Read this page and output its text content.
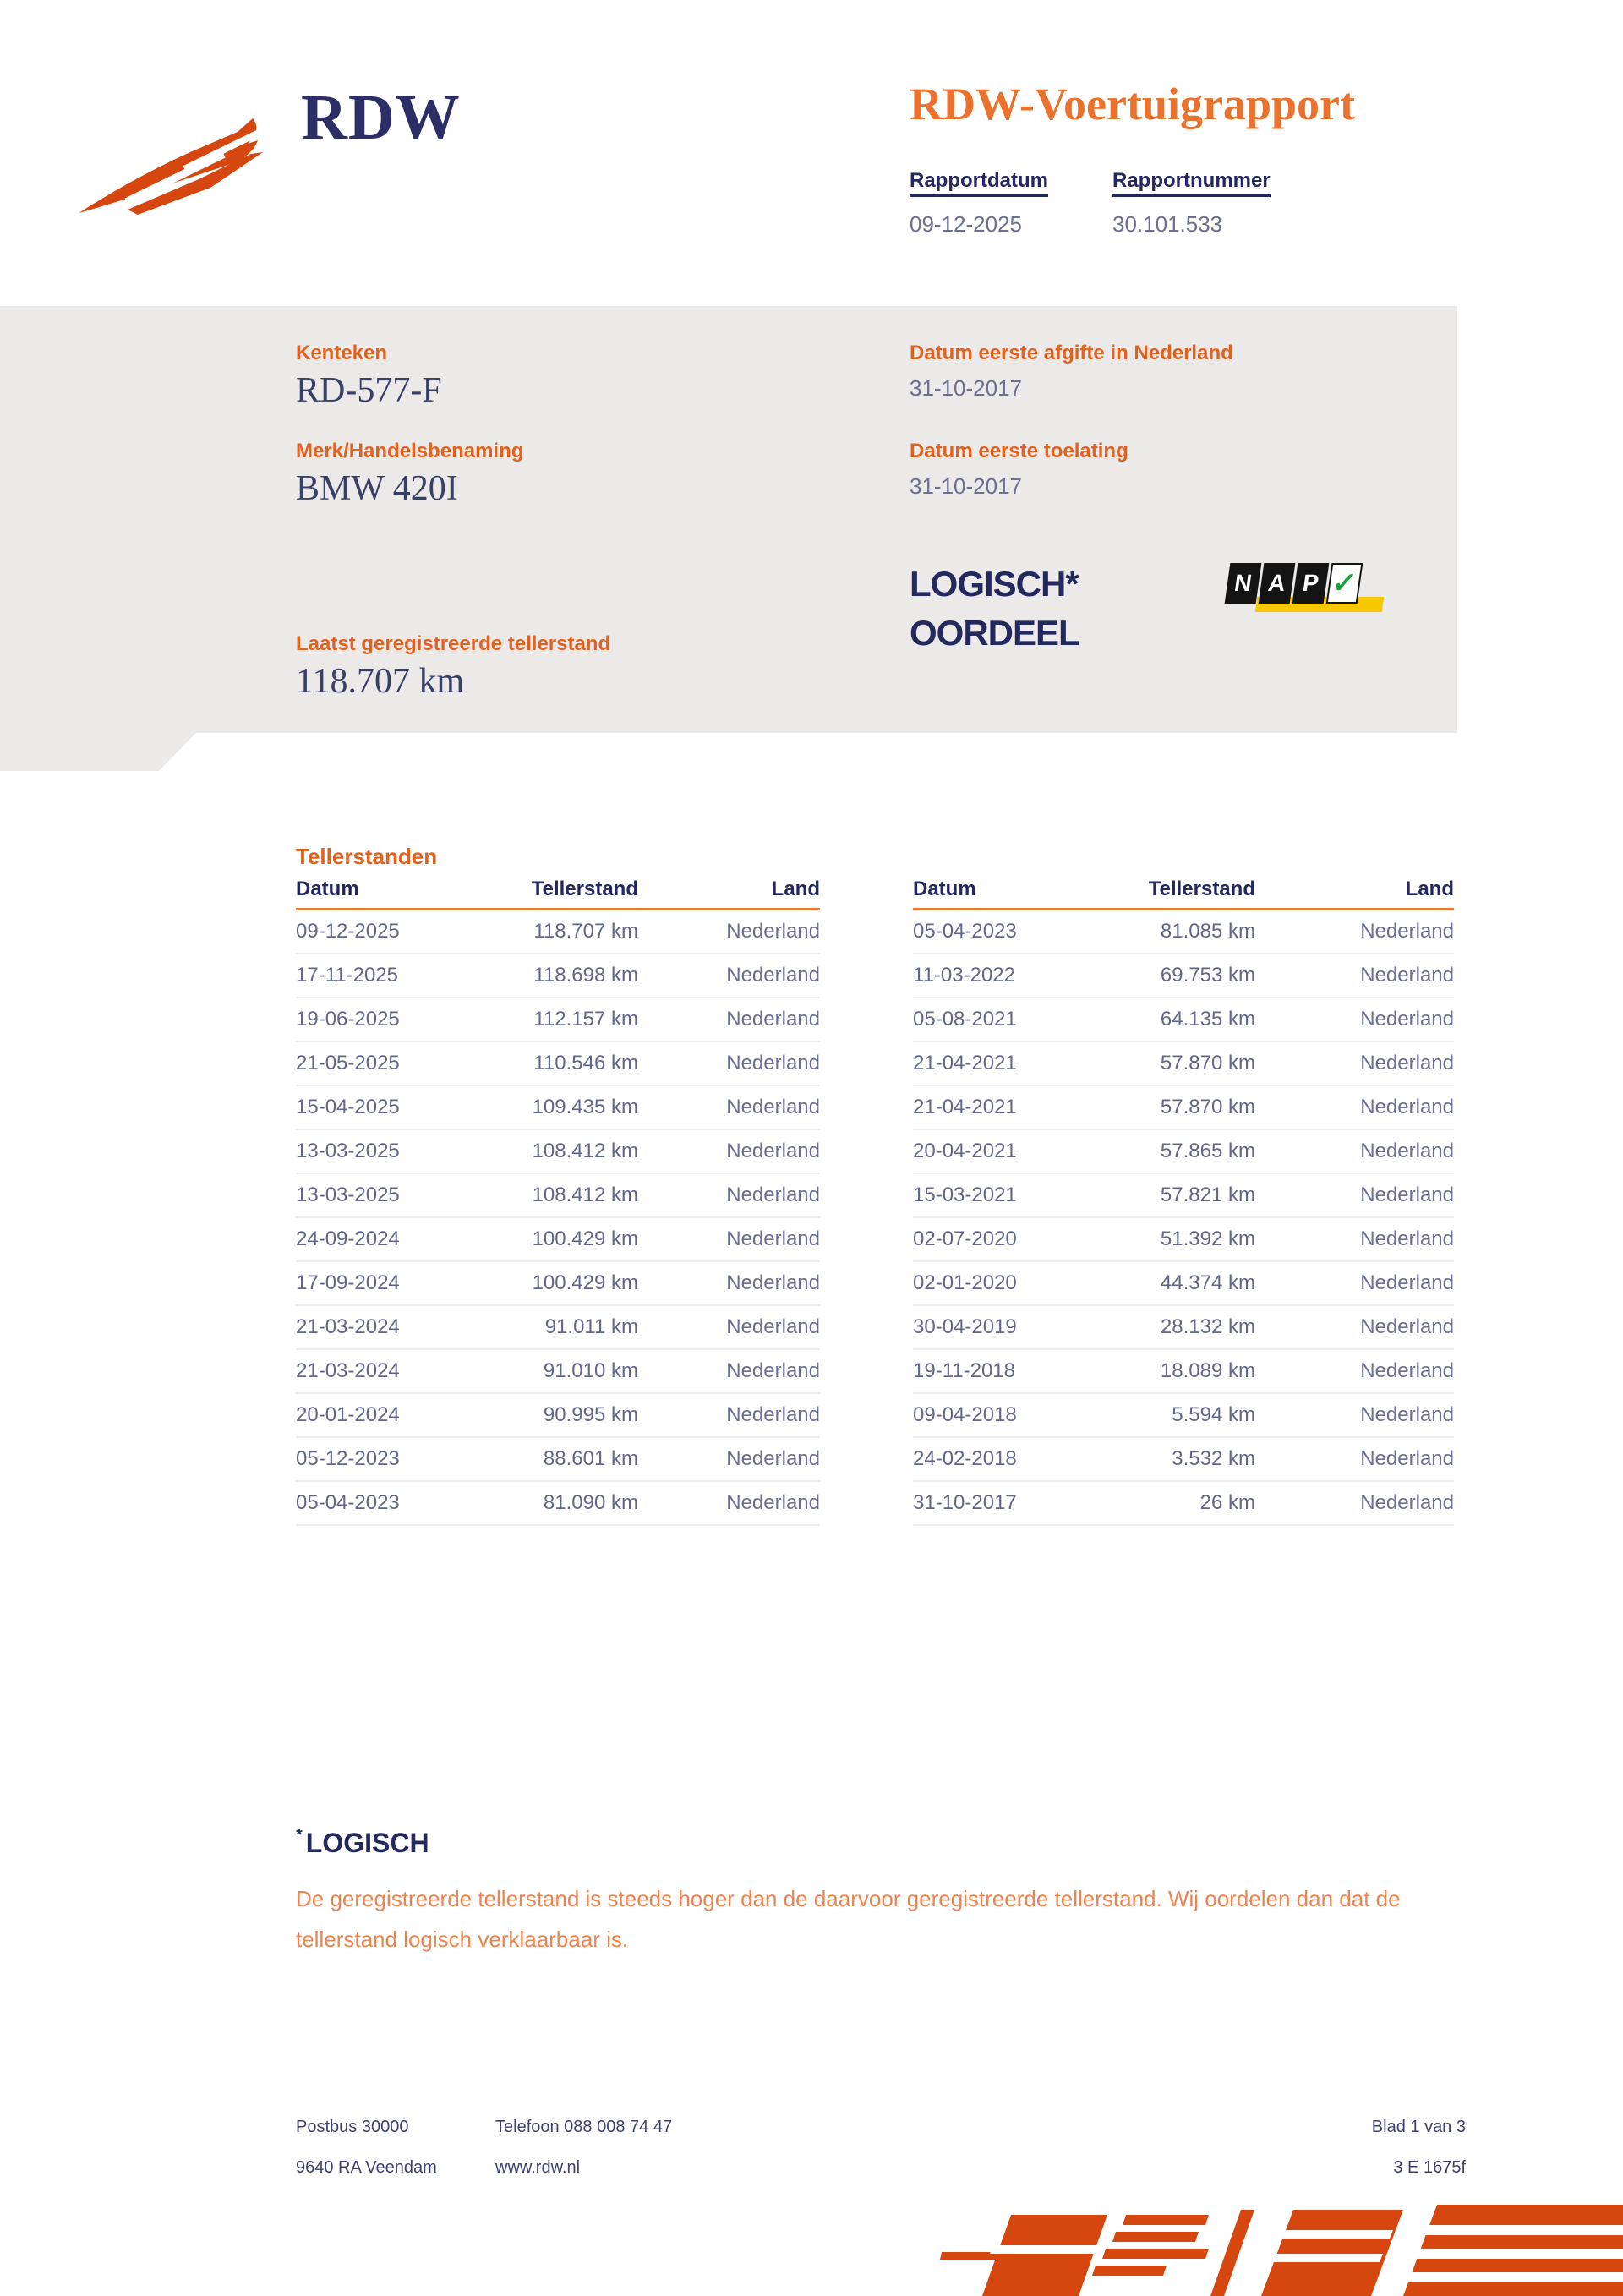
RDW	RDW-Voertuigrapport
Rapportdatum	Rapportnummer
09-12-2025	30.101.533
Kenteken
RD-577-F
Merk/Handelsbenaming
BMW 420I
Laatst geregistreerde tellerstand
118.707 km
Datum eerste afgifte in Nederland
31-10-2017
Datum eerste toelating
31-10-2017
LOGISCH*
OORDEEL
N A P ✓
Tellerstanden
Datum	Tellerstand	Land
09-12-2025	118.707 km	Nederland
17-11-2025	118.698 km	Nederland
19-06-2025	112.157 km	Nederland
21-05-2025	110.546 km	Nederland
15-04-2025	109.435 km	Nederland
13-03-2025	108.412 km	Nederland
13-03-2025	108.412 km	Nederland
24-09-2024	100.429 km	Nederland
17-09-2024	100.429 km	Nederland
21-03-2024	91.011 km	Nederland
21-03-2024	91.010 km	Nederland
20-01-2024	90.995 km	Nederland
05-12-2023	88.601 km	Nederland
05-04-2023	81.090 km	Nederland
Datum	Tellerstand	Land
05-04-2023	81.085 km	Nederland
11-03-2022	69.753 km	Nederland
05-08-2021	64.135 km	Nederland
21-04-2021	57.870 km	Nederland
21-04-2021	57.870 km	Nederland
20-04-2021	57.865 km	Nederland
15-03-2021	57.821 km	Nederland
02-07-2020	51.392 km	Nederland
02-01-2020	44.374 km	Nederland
30-04-2019	28.132 km	Nederland
19-11-2018	18.089 km	Nederland
09-04-2018	5.594 km	Nederland
24-02-2018	3.532 km	Nederland
31-10-2017	26 km	Nederland
* LOGISCH
De geregistreerde tellerstand is steeds hoger dan de daarvoor geregistreerde tellerstand. Wij oordelen dan dat de tellerstand logisch verklaarbaar is.
Postbus 30000
9640 RA Veendam
Telefoon 088 008 74 47
www.rdw.nl
Blad 1 van 3
3 E 1675f
